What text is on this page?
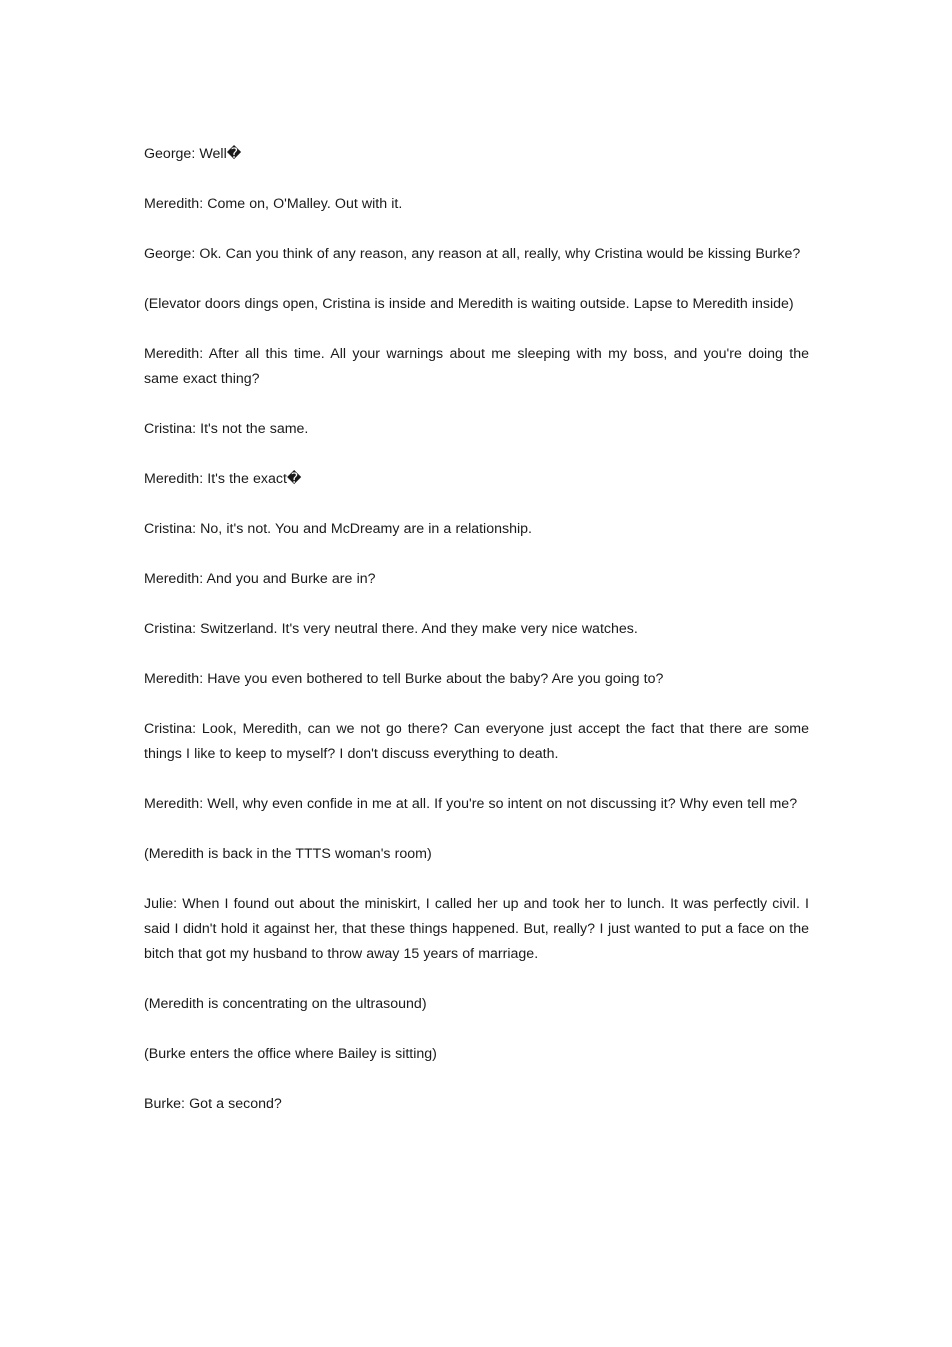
George: Well�

Meredith: Come on, O'Malley. Out with it.

George: Ok. Can you think of any reason, any reason at all, really, why Cristina would be kissing Burke?

(Elevator doors dings open, Cristina is inside and Meredith is waiting outside. Lapse to Meredith inside)

Meredith: After all this time. All your warnings about me sleeping with my boss, and you're doing the same exact thing?

Cristina: It's not the same.

Meredith: It's the exact�

Cristina: No, it's not. You and McDreamy are in a relationship.

Meredith: And you and Burke are in?

Cristina: Switzerland. It's very neutral there. And they make very nice watches.

Meredith: Have you even bothered to tell Burke about the baby? Are you going to?

Cristina: Look, Meredith, can we not go there? Can everyone just accept the fact that there are some things I like to keep to myself? I don't discuss everything to death.

Meredith: Well, why even confide in me at all. If you're so intent on not discussing it? Why even tell me?

(Meredith is back in the TTTS woman's room)

Julie: When I found out about the miniskirt, I called her up and took her to lunch. It was perfectly civil. I said I didn't hold it against her, that these things happened. But, really? I just wanted to put a face on the bitch that got my husband to throw away 15 years of marriage.

(Meredith is concentrating on the ultrasound)

(Burke enters the office where Bailey is sitting)

Burke: Got a second?
